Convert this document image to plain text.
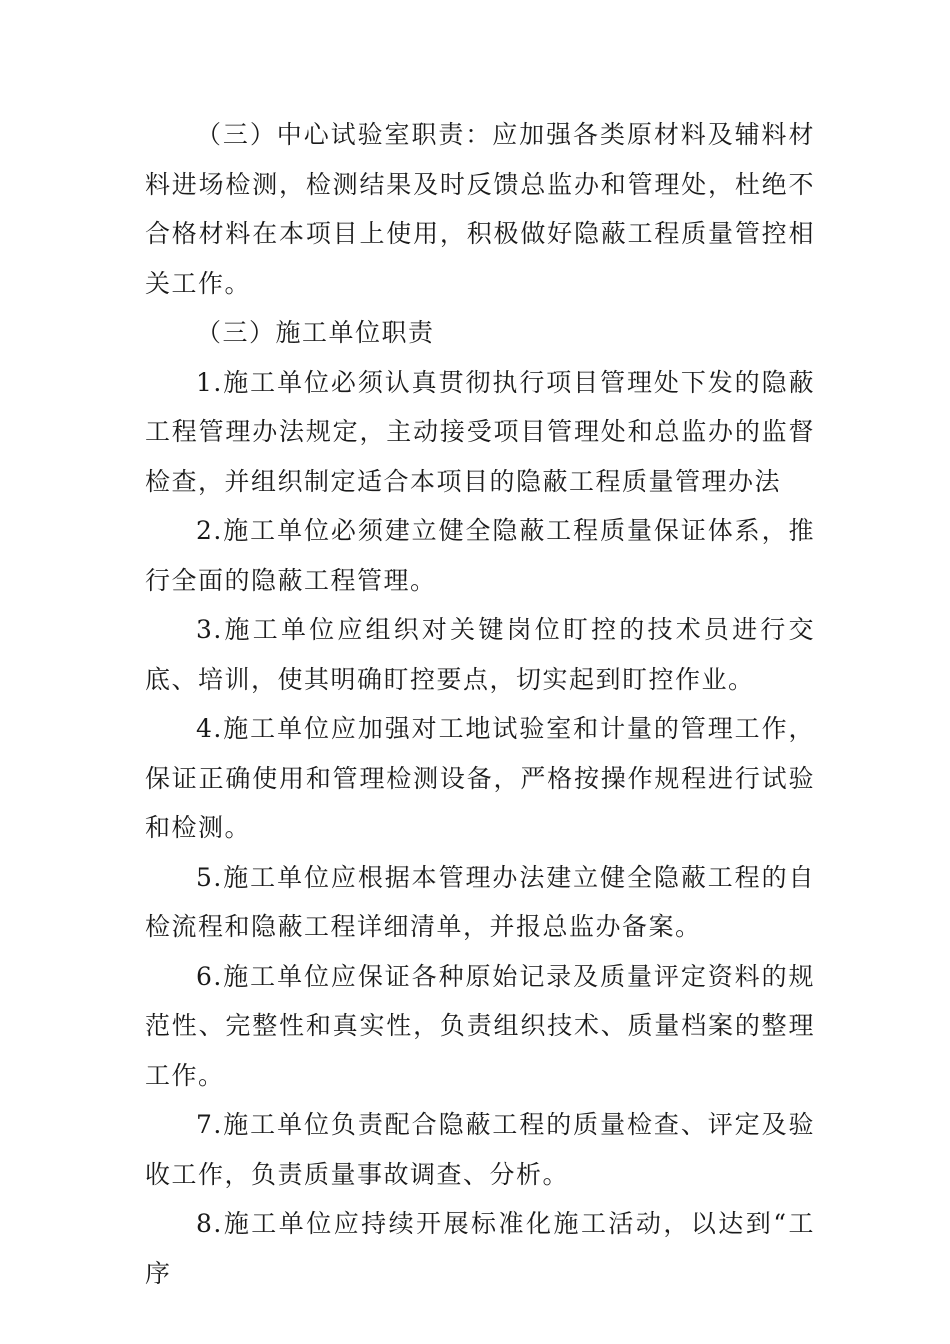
（三）中心试验室职责：应加强各类原材料及辅料材料进场检测，检测结果及时反馈总监办和管理处，杜绝不合格材料在本项目上使用，积极做好隐蔽工程质量管控相关工作。

（三）施工单位职责

1.施工单位必须认真贯彻执行项目管理处下发的隐蔽工程管理办法规定，主动接受项目管理处和总监办的监督检查，并组织制定适合本项目的隐蔽工程质量管理办法

2.施工单位必须建立健全隐蔽工程质量保证体系，推行全面的隐蔽工程管理。

3.施工单位应组织对关键岗位盯控的技术员进行交底、培训，使其明确盯控要点，切实起到盯控作业。

4.施工单位应加强对工地试验室和计量的管理工作，保证正确使用和管理检测设备，严格按操作规程进行试验和检测。

5.施工单位应根据本管理办法建立健全隐蔽工程的自检流程和隐蔽工程详细清单，并报总监办备案。

6.施工单位应保证各种原始记录及质量评定资料的规范性、完整性和真实性，负责组织技术、质量档案的整理工作。

7.施工单位负责配合隐蔽工程的质量检查、评定及验收工作，负责质量事故调查、分析。

8.施工单位应持续开展标准化施工活动，以达到“工序
